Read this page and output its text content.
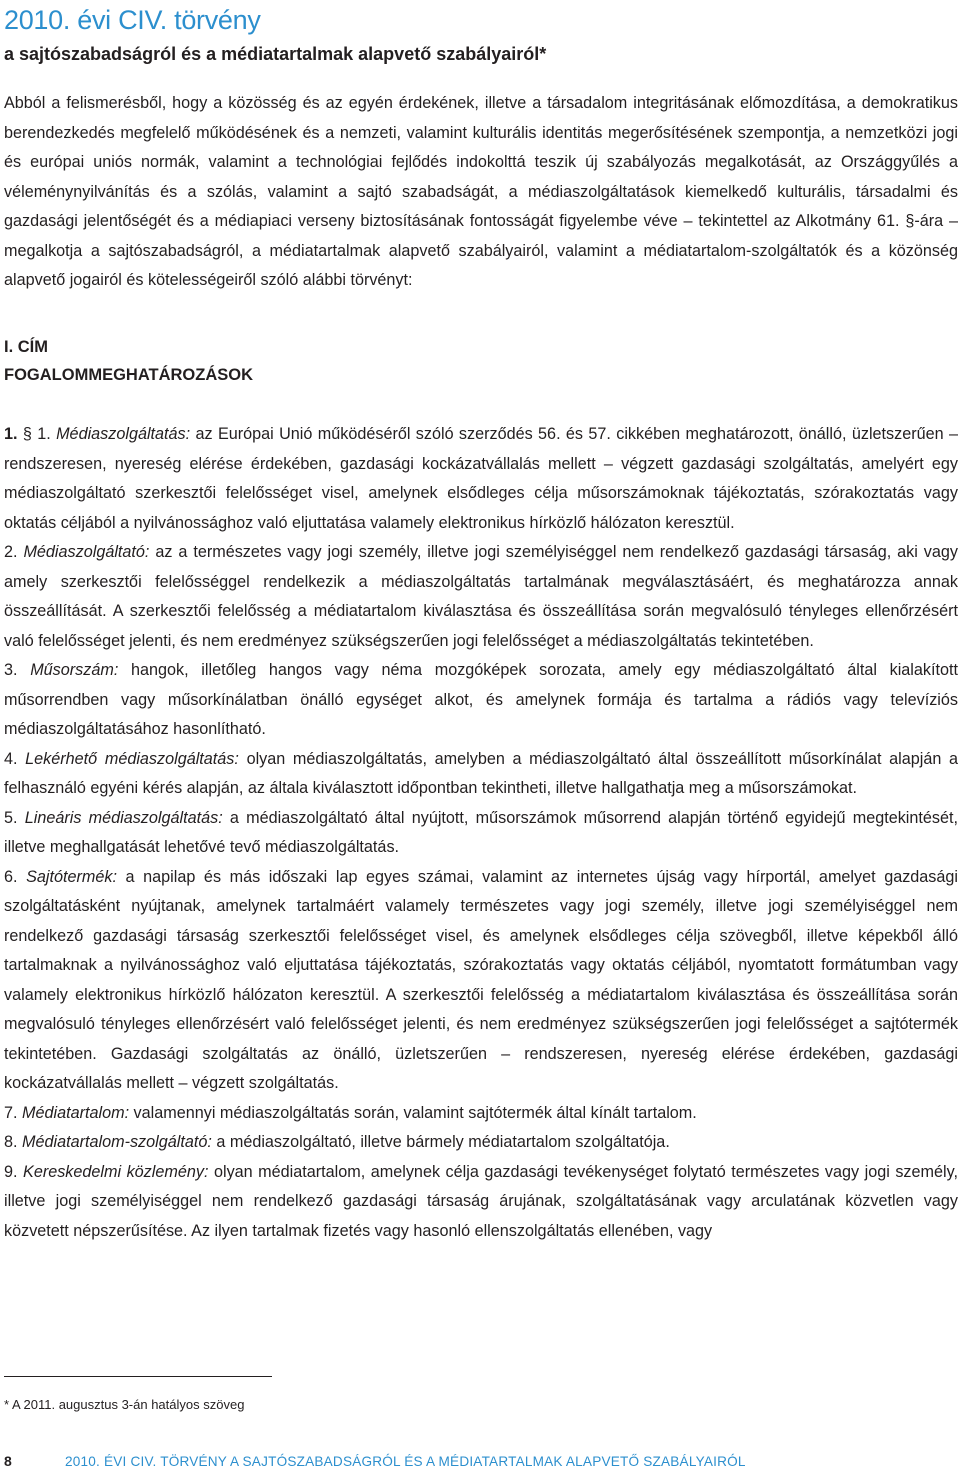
2010. évi CIV. törvény
a sajtószabadságról és a médiatartalmak alapvető szabályairól*

Abból a felismerésből, hogy a közösség és az egyén érdekének, illetve a társadalom integritásának előmozdítása, a demokratikus berendezkedés megfelelő működésének és a nemzeti, valamint kulturális identitás megerősítésének szempontja, a nemzetközi jogi és európai uniós normák, valamint a technológiai fejlődés indokolttá teszik új szabályozás megalkotását, az Országgyűlés a véleménynyilvánítás és a szólás, valamint a sajtó szabadságát, a médiaszolgáltatások kiemelkedő kulturális, társadalmi és gazdasági jelentőségét és a médiapiaci verseny biztosításának fontosságát figyelembe véve – tekintettel az Alkotmány 61. §-ára – megalkotja a sajtószabadságról, a médiatartalmak alapvető szabályairól, valamint a médiatartalom-szolgáltatók és a közönség alapvető jogairól és kötelességeiről szóló alábbi törvényt:

I. CÍM
FOGALOMMEGHATÁROZÁSOK

1. § 1. Médiaszolgáltatás: az Európai Unió működéséről szóló szerződés 56. és 57. cikkében meghatározott, önálló, üzletszerűen – rendszeresen, nyereség elérése érdekében, gazdasági kockázatvállalás mellett – végzett gazdasági szolgáltatás, amelyért egy médiaszolgáltató szerkesztői felelősséget visel, amelynek elsődleges célja műsorszámoknak tájékoztatás, szórakoztatás vagy oktatás céljából a nyilvánossághoz való eljuttatása valamely elektronikus hírközlő hálózaton keresztül.

2. Médiaszolgáltató: az a természetes vagy jogi személy, illetve jogi személyiséggel nem rendelkező gazdasági társaság, aki vagy amely szerkesztői felelősséggel rendelkezik a médiaszolgáltatás tartalmának megválasztásáért, és meghatározza annak összeállítását. A szerkesztői felelősség a médiatartalom kiválasztása és összeállítása során megvalósuló tényleges ellenőrzésért való felelősséget jelenti, és nem eredményez szükségszerűen jogi felelősséget a médiaszolgáltatás tekintetében.

3. Műsorszám: hangok, illetőleg hangos vagy néma mozgóképek sorozata, amely egy médiaszolgáltató által kialakított műsorrendben vagy műsorkínálatban önálló egységet alkot, és amelynek formája és tartalma a rádiós vagy televíziós médiaszolgáltatásához hasonlítható.

4. Lekérhető médiaszolgáltatás: olyan médiaszolgáltatás, amelyben a médiaszolgáltató által összeállított műsorkínálat alapján a felhasználó egyéni kérés alapján, az általa kiválasztott időpontban tekintheti, illetve hallgathatja meg a műsorszámokat.

5. Lineáris médiaszolgáltatás: a médiaszolgáltató által nyújtott, műsorszámok műsorrend alapján történő egyidejű megtekintését, illetve meghallgatását lehetővé tevő médiaszolgáltatás.

6. Sajtótermék: a napilap és más időszaki lap egyes számai, valamint az internetes újság vagy hírportál, amelyet gazdasági szolgáltatásként nyújtanak, amelynek tartalmáért valamely természetes vagy jogi személy, illetve jogi személyiséggel nem rendelkező gazdasági társaság szerkesztői felelősséget visel, és amelynek elsődleges célja szövegből, illetve képekből álló tartalmaknak a nyilvánossághoz való eljuttatása tájékoztatás, szórakoztatás vagy oktatás céljából, nyomtatott formátumban vagy valamely elektronikus hírközlő hálózaton keresztül. A szerkesztői felelősség a médiatartalom kiválasztása és összeállítása során megvalósuló tényleges ellenőrzésért való felelősséget jelenti, és nem eredményez szükségszerűen jogi felelősséget a sajtótermék tekintetében. Gazdasági szolgáltatás az önálló, üzletszerűen – rendszeresen, nyereség elérése érdekében, gazdasági kockázatvállalás mellett – végzett szolgáltatás.

7. Médiatartalom: valamennyi médiaszolgáltatás során, valamint sajtótermék által kínált tartalom.

8. Médiatartalom-szolgáltató: a médiaszolgáltató, illetve bármely médiatartalom szolgáltatója.

9. Kereskedelmi közlemény: olyan médiatartalom, amelynek célja gazdasági tevékenységet folytató természetes vagy jogi személy, illetve jogi személyiséggel nem rendelkező gazdasági társaság árujának, szolgáltatásának vagy arculatának közvetlen vagy közvetett népszerűsítése. Az ilyen tartalmak fizetés vagy hasonló ellenszolgáltatás ellenében, vagy

* A 2011. augusztus 3-án hatályos szöveg
8	2010. ÉVI CIV. TÖRVÉNY A SAJTÓSZABADSÁGRÓL ÉS A MÉDIATARTALMAK ALAPVETŐ SZABÁLYAIRÓL
